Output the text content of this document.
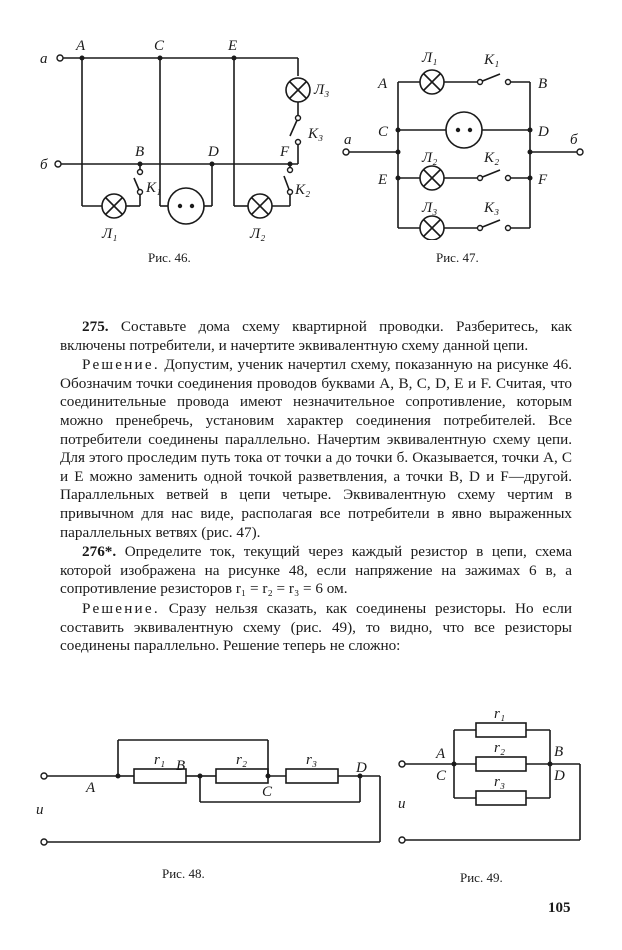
а
б
A	C	E
B	D	F
Л₁	Л₂
Л₃
К₁	К₂
К₃
Рис. 46.
а	б
A	B
C	D
E	F
Л₁
Л₂
Л₃
К₁
К₂
К₃
Рис. 47.

275. Составьте дома схему квартирной проводки. Разберитесь, как включены потребители, и начертите эквивалентную схему данной цепи.

Решение. Допустим, ученик начертил схему, показанную на рисунке 46. Обозначим точки соединения проводов буквами A, B, C, D, E и F. Считая, что соединительные провода имеют незначительное сопротивление, которым можно пренебречь, установим характер соединения потребителей. Все потребители соединены параллельно. Начертим эквивалентную схему цепи. Для этого проследим путь тока от точки a до точки б. Оказывается, точки A, C и E можно заменить одной точкой разветвления, а точки B, D и F—другой. Параллельных ветвей в цепи четыре. Эквивалентную схему чертим в привычном для нас виде, располагая все потребители в явно выраженных параллельных ветвях (рис. 47).

276*. Определите ток, текущий через каждый резистор в цепи, схема которой изображена на рисунке 48, если напряжение на зажимах 6 в, а сопротивление резисторов r₁ = r₂ = r₃ = 6 ом.

Решение. Сразу нельзя сказать, как соединены резисторы. Но если составить эквивалентную схему (рис. 49), то видно, что все резисторы соединены параллельно. Решение теперь не сложно:

u
A
B
C
D
r₁	r₂	r₃
Рис. 48.
u
A
C
B
D
r₁
r₂
r₃
Рис. 49.
105
